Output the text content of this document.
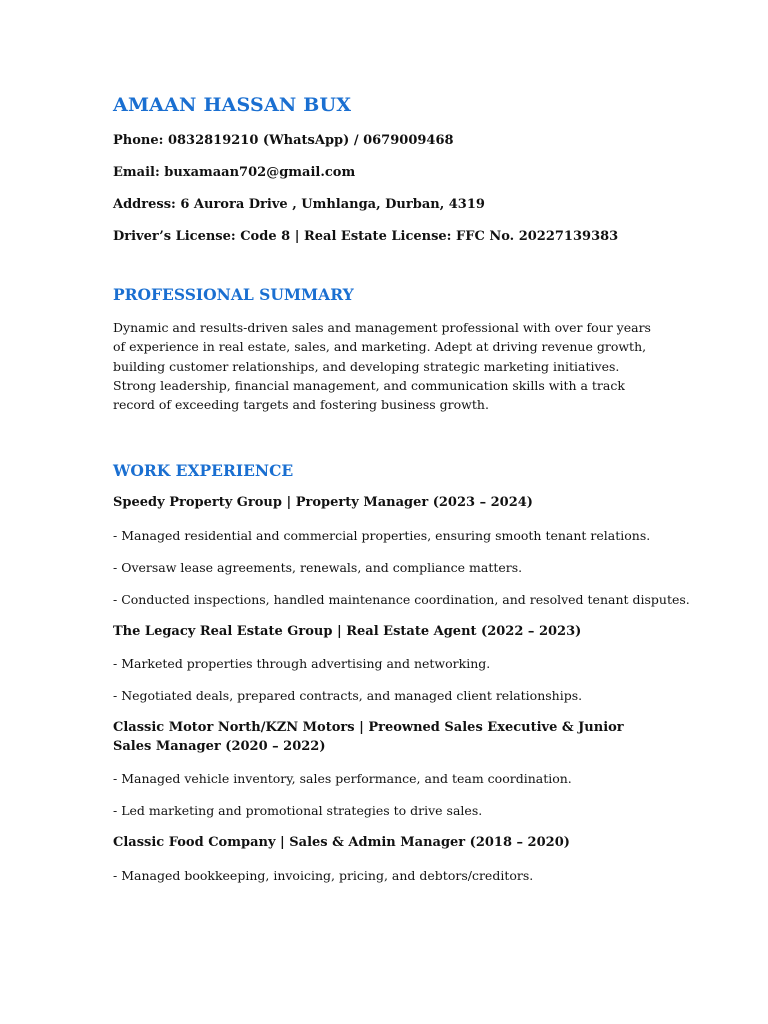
AMAAN HASSAN BUX
Phone: 0832819210 (WhatsApp) / 0679009468
Email: buxamaan702@gmail.com
Address: 6 Aurora Drive , Umhlanga, Durban, 4319
Driver’s License: Code 8 | Real Estate License: FFC No. 20227139383
PROFESSIONAL SUMMARY

Dynamic and results-driven sales and management professional with over four years of experience in real estate, sales, and marketing. Adept at driving revenue growth, building customer relationships, and developing strategic marketing initiatives. Strong leadership, financial management, and communication skills with a track record of exceeding targets and fostering business growth.

WORK EXPERIENCE
Speedy Property Group | Property Manager (2023 – 2024)
- Managed residential and commercial properties, ensuring smooth tenant relations.
- Oversaw lease agreements, renewals, and compliance matters.
- Conducted inspections, handled maintenance coordination, and resolved tenant disputes.
The Legacy Real Estate Group | Real Estate Agent (2022 – 2023)
- Marketed properties through advertising and networking.
- Negotiated deals, prepared contracts, and managed client relationships.
Classic Motor North/KZN Motors | Preowned Sales Executive & Junior Sales Manager (2020 – 2022)
- Managed vehicle inventory, sales performance, and team coordination.
- Led marketing and promotional strategies to drive sales.
Classic Food Company | Sales & Admin Manager (2018 – 2020)
- Managed bookkeeping, invoicing, pricing, and debtors/creditors.
